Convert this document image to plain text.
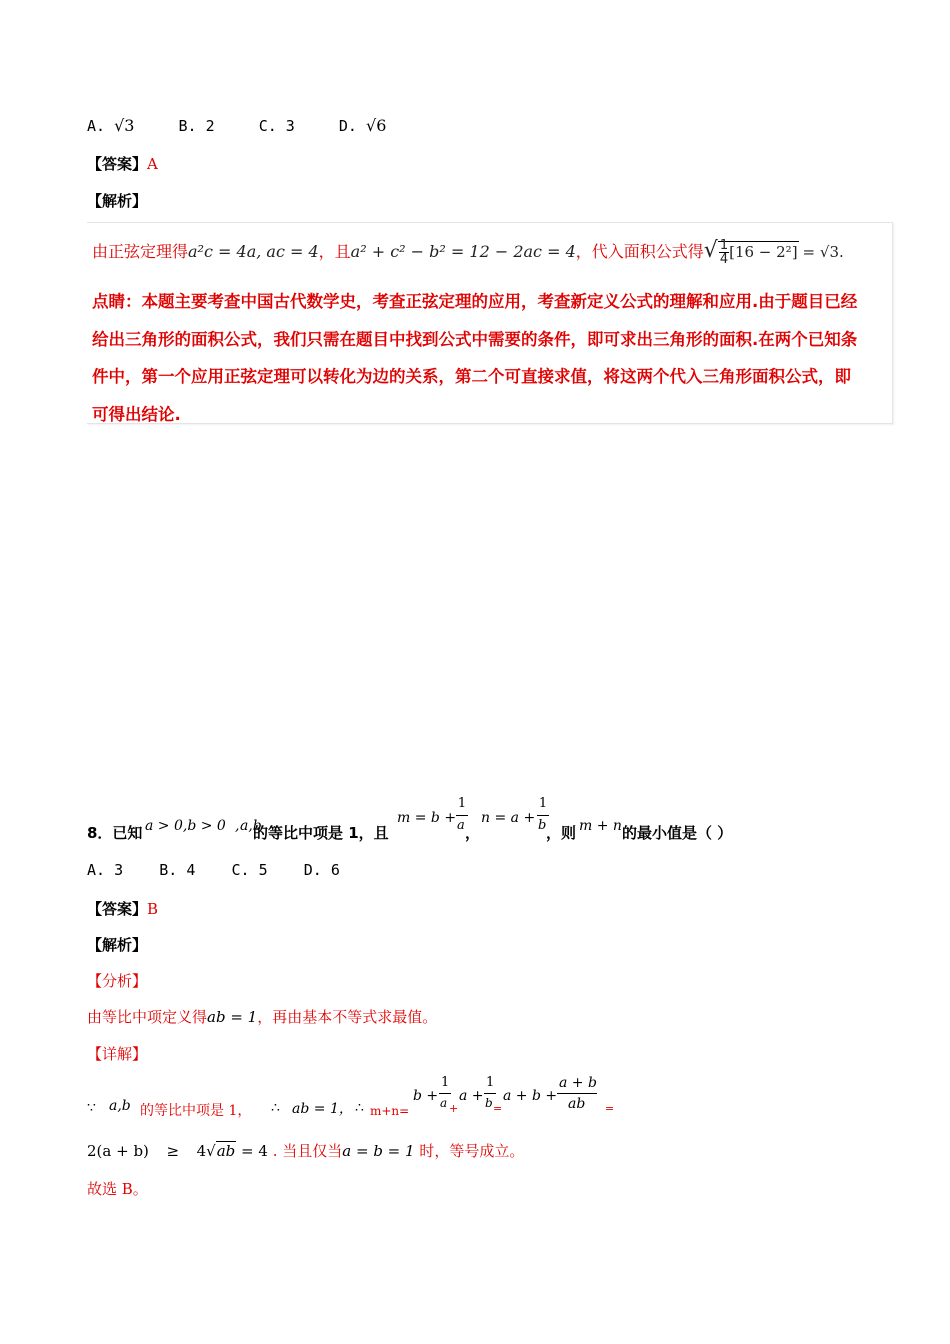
A. √3	B. 2	C. 3	D. √6
【答案】A
【解析】
由正弦定理得a²c = 4a, ac = 4，且a² + c² − b² = 12 − 2ac = 4，代入面积公式得√ $\frac{1}{4} [16 - 2^2] = √3$.
点睛：本题主要考查中国古代数学史，考查正弦定理的应用，考查新定义公式的理解和应用.由于题目已经
给出三角形的面积公式，我们只需在题目中找到公式中需要的条件，即可求出三角形的面积.在两个已知条
件中，第一个应用正弦定理可以转化为边的关系，第二个可直接求值，将这两个代入三角形面积公式，即
可得出结论.
8．已知 a > 0,b > 0 , a,b
的等比中项是 1，且
m = b +
1
a ，
n = a +
1
b ，则 m + n 的最小值是（ ）
A. 3    B. 4    C. 5    D. 6
【答案】B
【解析】
【分析】
由等比中项定义得ab = 1，再由基本不等式求最值。
【详解】
∵ a,b 的等比中项是 1， ∴ ab = 1， ∴ m+n=
b +
1
a +
a +
1
b =
a + b +
a + b
ab =
2(a + b) ≥ 4√ab = 4 . 当且仅当a = b = 1 时，等号成立。
故选 B。
